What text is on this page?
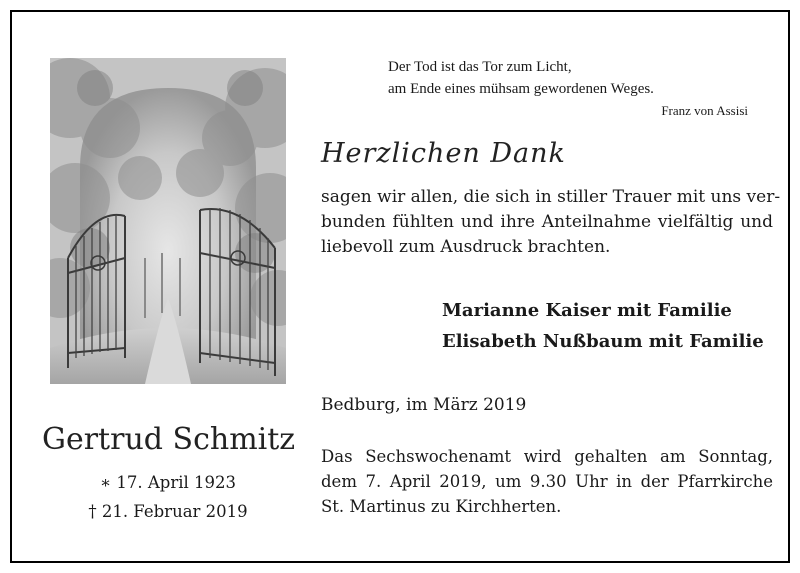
Der Tod ist das Tor zum Licht,
am Ende eines mühsam gewordenen Weges.
Franz von Assisi
Herzlichen Dank
sagen wir allen, die sich in stiller Trauer mit uns ver-
bunden fühlten und ihre Anteilnahme vielfältig und
liebevoll zum Ausdruck brachten.
Marianne Kaiser mit Familie
Elisabeth Nußbaum mit Familie
Bedburg, im März 2019
Das Sechswochenamt wird gehalten am Sonntag,
dem 7. April 2019, um 9.30 Uhr in der Pfarrkirche
St. Martinus zu Kirchherten.
Gertrud Schmitz
∗ 17. April 1923
† 21. Februar 2019
